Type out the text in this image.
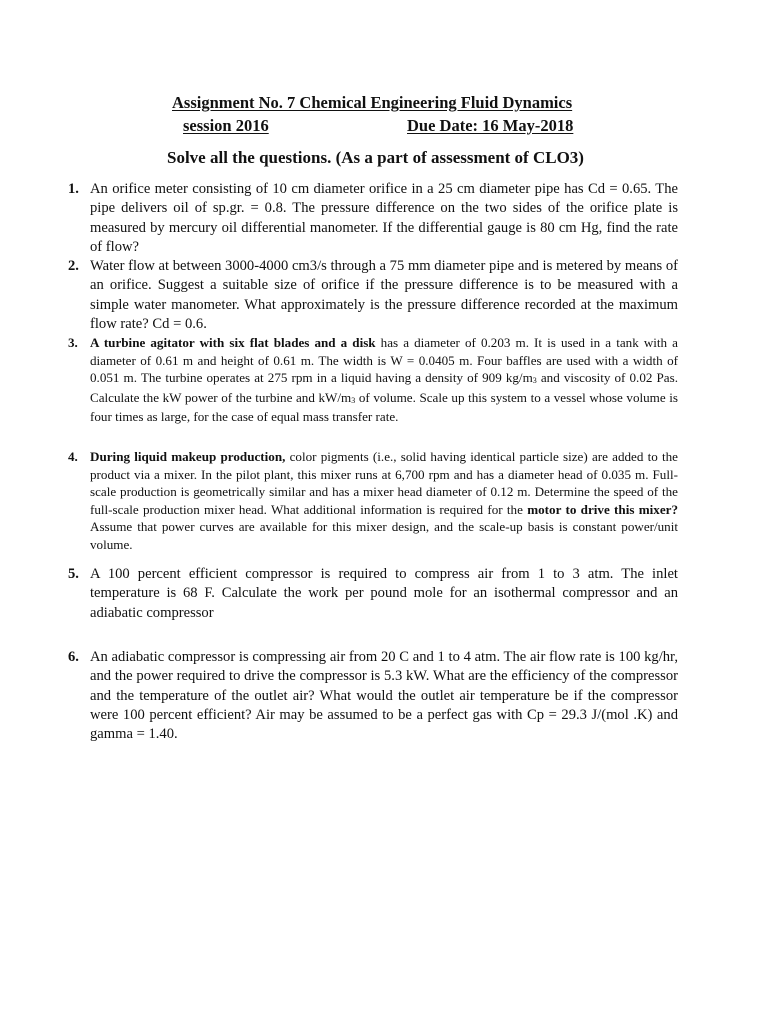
Assignment No. 7 Chemical Engineering Fluid Dynamics
session 2016	Due Date: 16 May-2018
Solve all the questions. (As a part of assessment of CLO3)
1. An orifice meter consisting of 10 cm diameter orifice in a 25 cm diameter pipe has Cd = 0.65. The pipe delivers oil of sp.gr. = 0.8. The pressure difference on the two sides of the orifice plate is measured by mercury oil differential manometer. If the differential gauge is 80 cm Hg, find the rate of flow?
2. Water flow at between 3000-4000 cm3/s through a 75 mm diameter pipe and is metered by means of an orifice. Suggest a suitable size of orifice if the pressure difference is to be measured with a simple water manometer. What approximately is the pressure difference recorded at the maximum flow rate? Cd = 0.6.
3. A turbine agitator with six flat blades and a disk has a diameter of 0.203 m. It is used in a tank with a diameter of 0.61 m and height of 0.61 m. The width is W = 0.0405 m. Four baffles are used with a width of 0.051 m. The turbine operates at 275 rpm in a liquid having a density of 909 $kg/m_3$ and viscosity of 0.02 Pas. Calculate the kW power of the turbine and $kW/m_3$ of volume. Scale up this system to a vessel whose volume is four times as large, for the case of equal mass transfer rate.
4. During liquid makeup production, color pigments (i.e., solid having identical particle size) are added to the product via a mixer. In the pilot plant, this mixer runs at 6,700 rpm and has a diameter head of 0.035 m. Full-scale production is geometrically similar and has a mixer head diameter of 0.12 m. Determine the speed of the full-scale production mixer head. What additional information is required for the motor to drive this mixer? Assume that power curves are available for this mixer design, and the scale-up basis is constant power/unit volume.
5. A 100 percent efficient compressor is required to compress air from 1 to 3 atm. The inlet temperature is 68 F. Calculate the work per pound mole for an isothermal compressor and an adiabatic compressor
6. An adiabatic compressor is compressing air from 20 C and 1 to 4 atm. The air flow rate is 100 kg/hr, and the power required to drive the compressor is 5.3 kW. What are the efficiency of the compressor and the temperature of the outlet air? What would the outlet air temperature be if the compressor were 100 percent efficient? Air may be assumed to be a perfect gas with Cp = 29.3 J/(mol .K) and gamma = 1.40.
